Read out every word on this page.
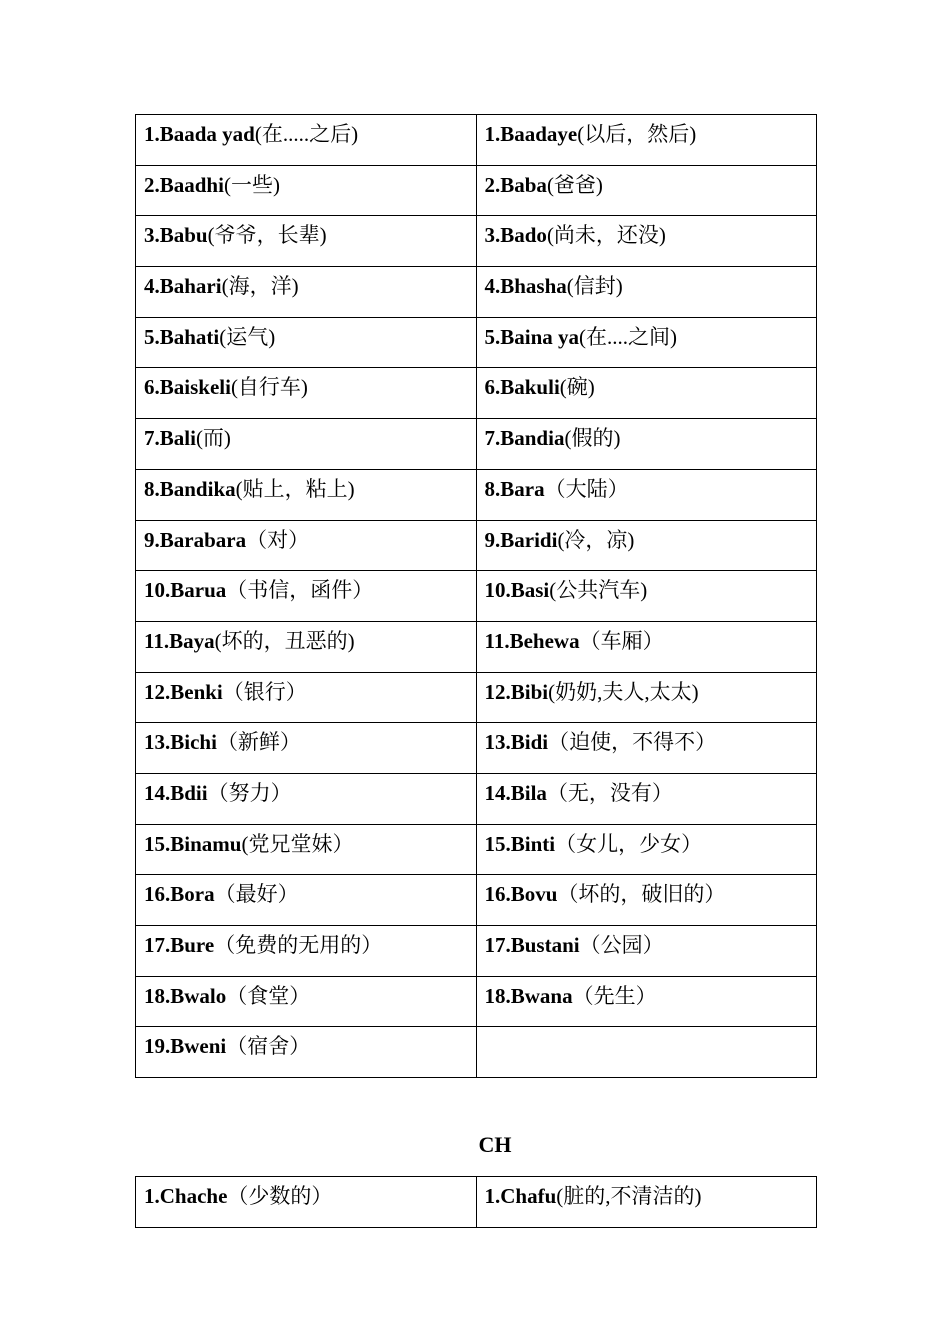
1.Baada yad(在.....之后)	1.Baadaye(以后，然后)
2.Baadhi(一些)	2.Baba(爸爸)
3.Babu(爷爷，长辈)	3.Bado(尚未，还没)
4.Bahari(海，洋)	4.Bhasha(信封)
5.Bahati(运气)	5.Baina ya(在....之间)
6.Baiskeli(自行车)	6.Bakuli(碗)
7.Bali(而)	7.Bandia(假的)
8.Bandika(贴上，粘上)	8.Bara（大陆）
9.Barabara（对）	9.Baridi(冷，凉)
10.Barua（书信，函件）	10.Basi(公共汽车)
11.Baya(坏的，丑恶的)	11.Behewa（车厢）
12.Benki（银行）	12.Bibi(奶奶,夫人,太太)
13.Bichi（新鲜）	13.Bidi（迫使，不得不）
14.Bdii（努力）	14.Bila（无，没有）
15.Binamu(党兄堂妹）	15.Binti（女儿，少女）
16.Bora（最好）	16.Bovu（坏的，破旧的）
17.Bure（免费的无用的）	17.Bustani（公园）
18.Bwalo（食堂）	18.Bwana（先生）
19.Bweni（宿舍）	
CH
1.Chache（少数的）	1.Chafu(脏的,不清洁的)
